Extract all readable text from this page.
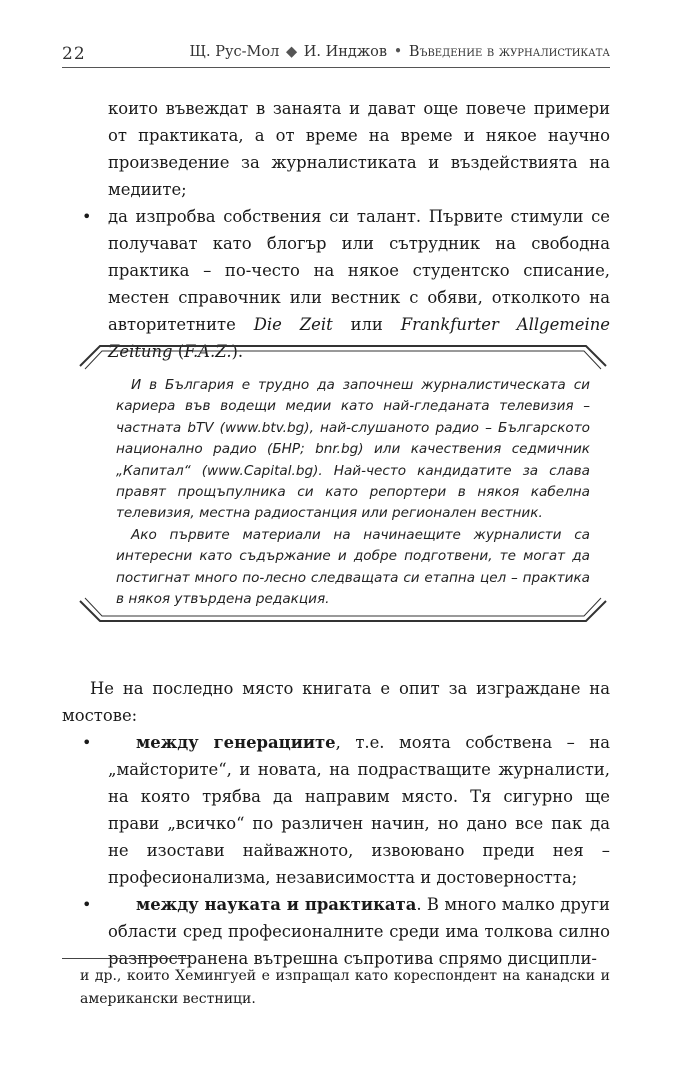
22	Щ. Рус-Мол ◆ И. Инджов • Въведение в журналистиката

които въвеждат в занаята и дават още повече примери от практиката, а от време на време и някое научно произведение за журналистиката и въздействията на медиите;

• да изпробва собствения си талант. Първите стимули се получават като блогър или сътрудник на свободна практика – по-често на някое студентско списание, местен справочник или вестник с обяви, отколкото на авторитетните Die Zeit или Frankfurter Allgemeine Zeitung (F.A.Z.).

И в България е трудно да започнеш журналистическата си кариера във водещи медии като най-гледаната телевизия – частната bTV (www.btv.bg), най-слушаното радио – Българското национално радио (БНР; bnr.bg) или качествения седмичник „Капитал“ (www.Capital.bg). Най-често кандидатите за слава правят прощъпулника си като репортери в някоя кабелна телевизия, местна радиостанция или регионален вестник.

Ако първите материали на начинаещите журналисти са интересни като съдържание и добре подготвени, те могат да постигнат много по-лесно следващата си етапна цел – практика в някоя утвърдена редакция.

Не на последно място книгата е опит за изграждане на мостове:

•	между генерациите, т.е. моята собствена – на „майсторите“, и новата, на подрастващите журналисти, на която трябва да направим място. Тя сигурно ще прави „всичко“ по различен начин, но дано все пак да не изостави найважното, извоювано преди нея – професионализма, независимостта и достоверността;

•	между науката и практиката. В много малко други области сред професионалните среди има толкова силно разпространена вътрешна съпротива спрямо дисципли-

и др., които Хемингуей е изпращал като кореспондент на канадски и американски вестници.
